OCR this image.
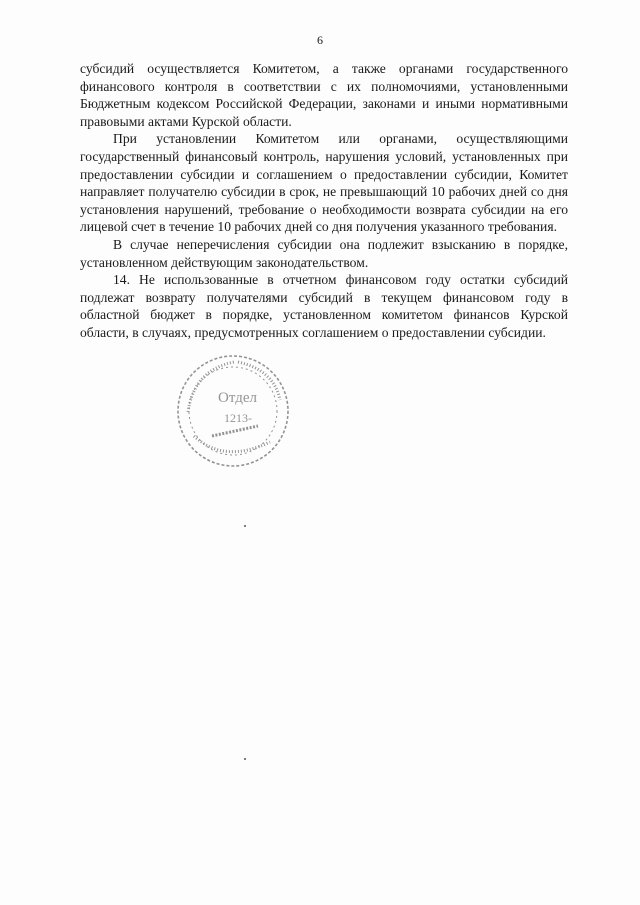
6

субсидий осуществляется Комитетом, а также органами государственного финансового контроля в соответствии с их полномочиями, установленными Бюджетным кодексом Российской Федерации, законами и иными нормативными правовыми актами Курской области.

При установлении Комитетом или органами, осуществляющими государственный финансовый контроль, нарушения условий, установленных при предоставлении субсидии и соглашением о предоставлении субсидии, Комитет направляет получателю субсидии в срок, не превышающий 10 рабочих дней со дня установления нарушений, требование о необходимости возврата субсидии на его лицевой счет в течение 10 рабочих дней со дня получения указанного требования.

В случае неперечисления субсидии она подлежит взысканию в порядке, установленном действующим законодательством.

14. Не использованные в отчетном финансовом году остатки субсидий подлежат возврату получателями субсидий в текущем финансовом году в областной бюджет в порядке, установленном комитетом финансов Курской области, в случаях, предусмотренных соглашением о предоставлении субсидии.

Отдел
1213-
